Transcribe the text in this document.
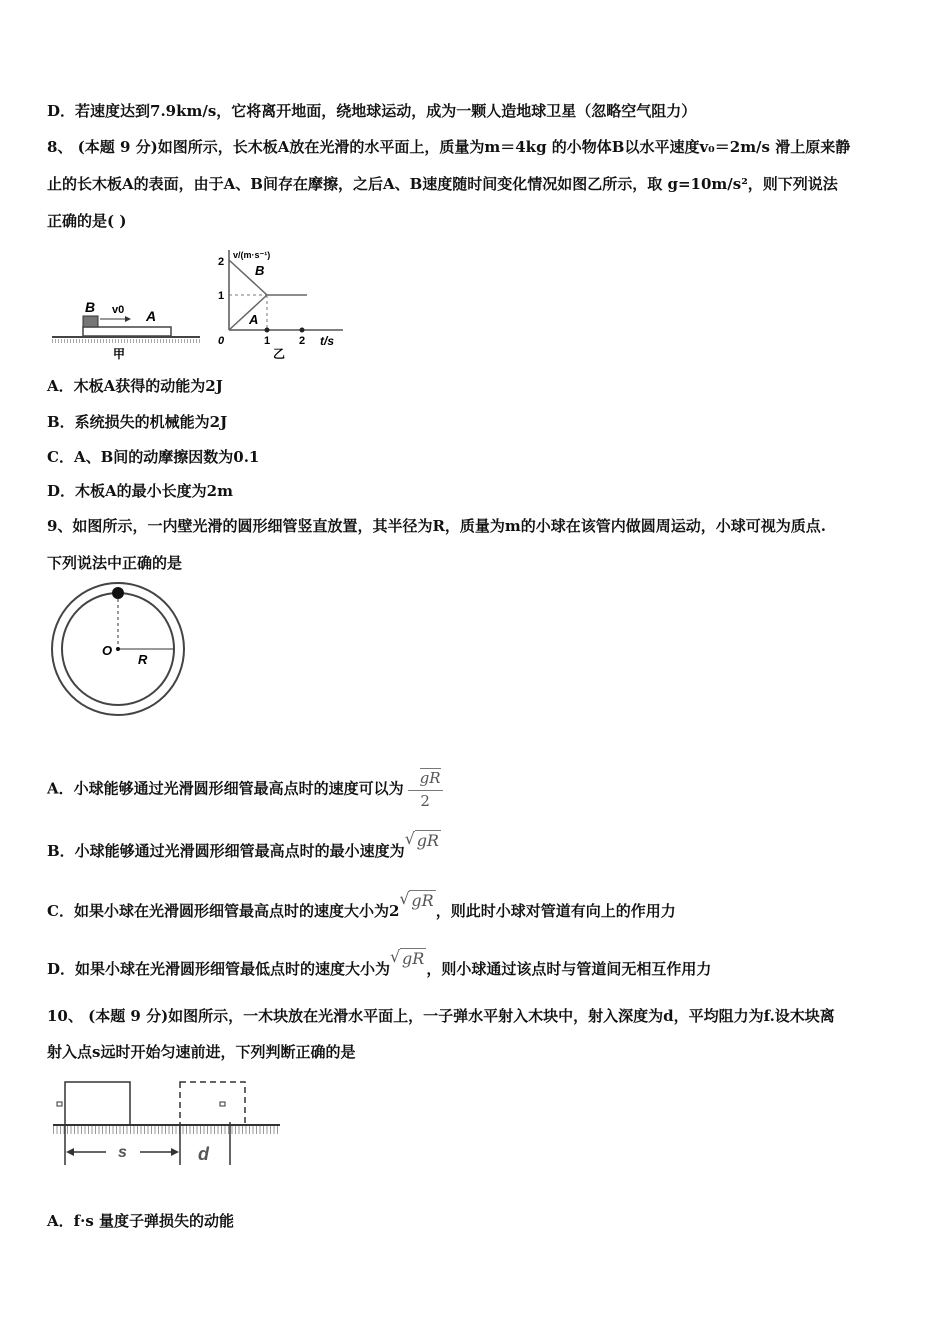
D．若速度达到7.9km/s，它将离开地面，绕地球运动，成为一颗人造地球卫星（忽略空气阻力）
8、 (本题 9 分)如图所示，长木板A放在光滑的水平面上，质量为m＝4kg 的小物体B以水平速度v₀＝2m/s 滑上原来静
止的长木板A的表面，由于A、B间存在摩擦，之后A、B速度随时间变化情况如图乙所示，取 g=10m/s²，则下列说法
正确的是( )
B v0 A
甲
v/(m·s⁻¹)
2
1
0	1	2 t/s
B
A
乙
A．木板A获得的动能为2J
B．系统损失的机械能为2J
C．A、B间的动摩擦因数为0.1
D．木板A的最小长度为2m
9、如图所示，一内壁光滑的圆形细管竖直放置，其半径为R，质量为m的小球在该管内做圆周运动，小球可视为质点.
下列说法中正确的是
O
R
A．小球能够通过光滑圆形细管最高点时的速度可以为 $\frac{gR}{2}$
B．小球能够通过光滑圆形细管最高点时的最小速度为√ gR
C．如果小球在光滑圆形细管最高点时的速度大小为2√ gR，则此时小球对管道有向上的作用力
D．如果小球在光滑圆形细管最低点时的速度大小为√ gR，则小球通过该点时与管道间无相互作用力
10、 (本题 9 分)如图所示，一木块放在光滑水平面上，一子弹水平射入木块中，射入深度为d，平均阻力为f.设木块离
射入点s远时开始匀速前进，下列判断正确的是
s	d
A．f·s 量度子弹损失的动能
